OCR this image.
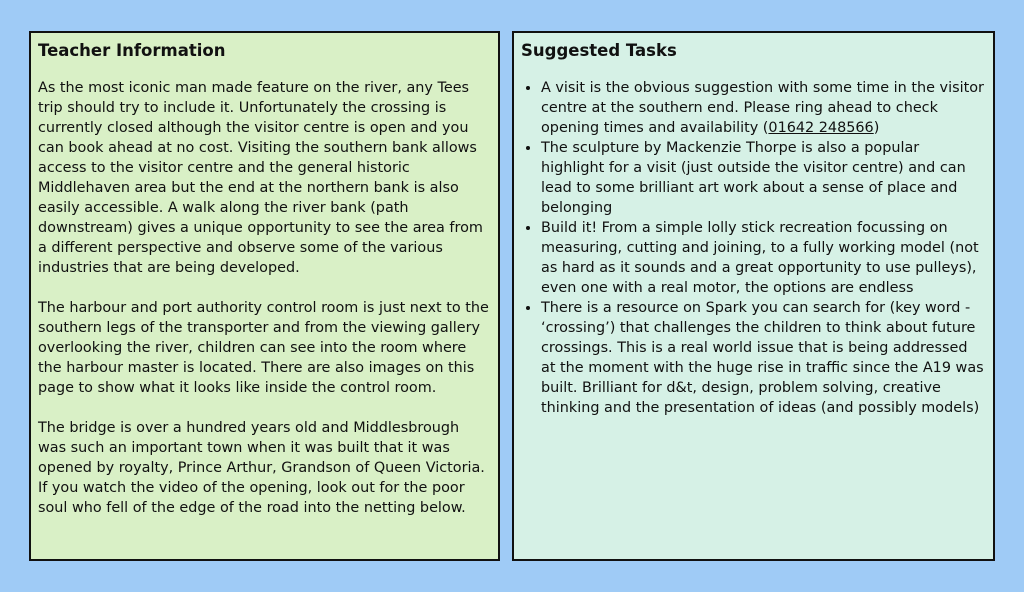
Teacher Information

As the most iconic man made feature on the river, any Tees trip should try to include it. Unfortunately the crossing is currently closed although the visitor centre is open and you can book ahead at no cost. Visiting the southern bank allows access to the visitor centre and the general historic Middlehaven area but the end at the northern bank is also easily accessible. A walk along the river bank (path downstream) gives a unique opportunity to see the area from a different perspective and observe some of the various industries that are being developed.

The harbour and port authority control room is just next to the southern legs of the transporter and from the viewing gallery overlooking the river, children can see into the room where the harbour master is located. There are also images on this page to show what it looks like inside the control room.

The bridge is over a hundred years old and Middlesbrough was such an important town when it was built that it was opened by royalty, Prince Arthur, Grandson of Queen Victoria. If you watch the video of the opening, look out for the poor soul who fell of the edge of the road into the netting below.

Suggested Tasks
• A visit is the obvious suggestion with some time in the visitor centre at the southern end. Please ring ahead to check opening times and availability (01642 248566)
• The sculpture by Mackenzie Thorpe is also a popular highlight for a visit (just outside the visitor centre) and can lead to some brilliant art work about a sense of place and belonging
• Build it! From a simple lolly stick recreation focussing on measuring, cutting and joining, to a fully working model (not as hard as it sounds and a great opportunity to use pulleys), even one with a real motor, the options are endless
• There is a resource on Spark you can search for (key word - ‘crossing’) that challenges the children to think about future crossings. This is a real world issue that is being addressed at the moment with the huge rise in traffic since the A19 was built. Brilliant for d&t, design, problem solving, creative thinking and the presentation of ideas (and possibly models)
